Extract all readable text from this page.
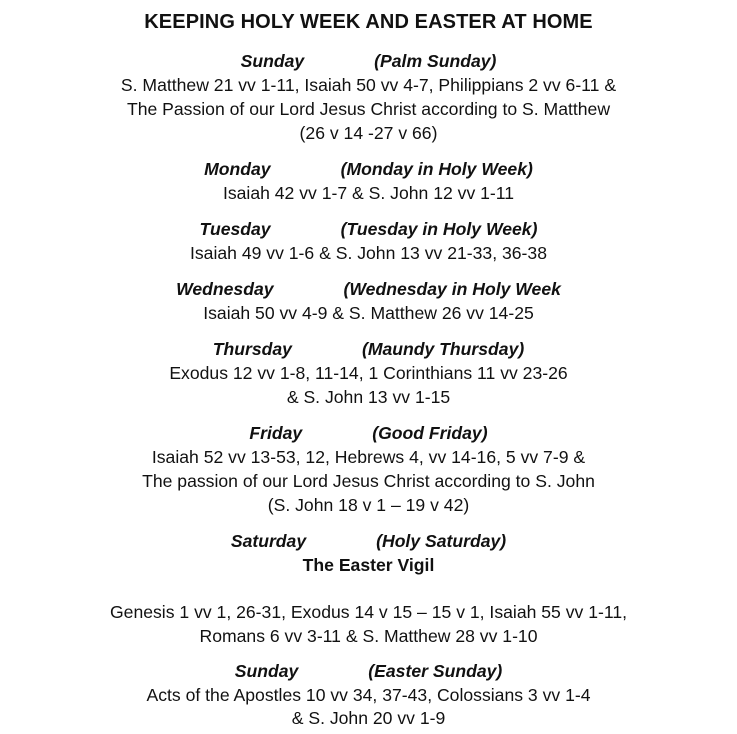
KEEPING HOLY WEEK AND EASTER AT HOME
Sunday	(Palm Sunday)
S. Matthew 21 vv 1-11, Isaiah 50 vv 4-7, Philippians 2 vv 6-11 &
The Passion of our Lord Jesus Christ according to S. Matthew
(26 v 14 -27 v 66)
Monday	(Monday in Holy Week)
Isaiah 42 vv 1-7 & S. John 12 vv 1-11
Tuesday	(Tuesday in Holy Week)
Isaiah 49 vv 1-6 & S. John 13 vv 21-33, 36-38
Wednesday	(Wednesday in Holy Week
Isaiah 50 vv 4-9 & S. Matthew 26 vv 14-25
Thursday	(Maundy Thursday)
Exodus 12 vv 1-8, 11-14, 1 Corinthians 11 vv 23-26
& S. John 13 vv 1-15
Friday	(Good Friday)
Isaiah 52 vv 13-53, 12, Hebrews 4, vv 14-16, 5 vv 7-9 &
The passion of our Lord Jesus Christ according to S. John
(S. John 18 v 1 – 19 v 42)
Saturday	(Holy Saturday)
The Easter Vigil
Genesis 1 vv 1, 26-31, Exodus 14 v 15 – 15 v 1, Isaiah 55 vv 1-11,
Romans 6 vv 3-11 & S. Matthew 28 vv 1-10
Sunday	(Easter Sunday)
Acts of the Apostles 10 vv 34, 37-43, Colossians 3 vv 1-4
& S. John 20 vv 1-9
